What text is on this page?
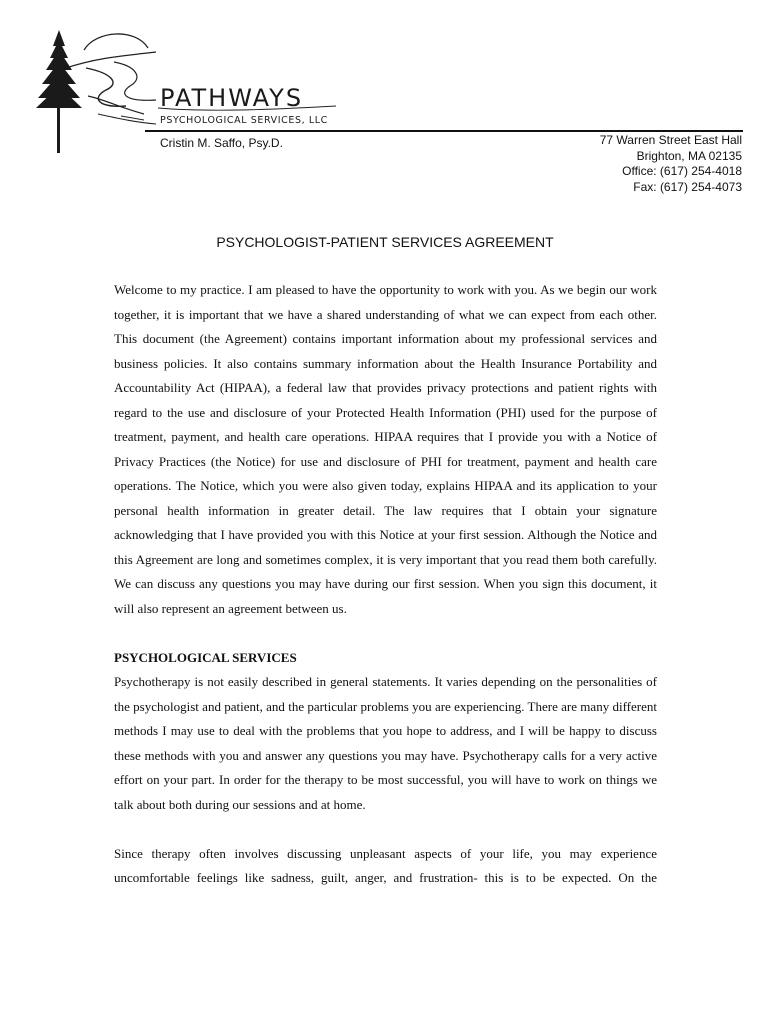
PATHWAYS
PSYCHOLOGICAL SERVICES, LLC
Cristin M. Saffo, Psy.D.	77 Warren Street East Hall
Brighton, MA 02135
Office: (617) 254-4018
Fax: (617) 254-4073
PSYCHOLOGIST-PATIENT SERVICES AGREEMENT

Welcome to my practice. I am pleased to have the opportunity to work with you. As we begin our work together, it is important that we have a shared understanding of what we can expect from each other. This document (the Agreement) contains important information about my professional services and business policies. It also contains summary information about the Health Insurance Portability and Accountability Act (HIPAA), a federal law that provides privacy protections and patient rights with regard to the use and disclosure of your Protected Health Information (PHI) used for the purpose of treatment, payment, and health care operations. HIPAA requires that I provide you with a Notice of Privacy Practices (the Notice) for use and disclosure of PHI for treatment, payment and health care operations. The Notice, which you were also given today, explains HIPAA and its application to your personal health information in greater detail. The law requires that I obtain your signature acknowledging that I have provided you with this Notice at your first session. Although the Notice and this Agreement are long and sometimes complex, it is very important that you read them both carefully. We can discuss any questions you may have during our first session. When you sign this document, it will also represent an agreement between us.

PSYCHOLOGICAL SERVICES

Psychotherapy is not easily described in general statements. It varies depending on the personalities of the psychologist and patient, and the particular problems you are experiencing. There are many different methods I may use to deal with the problems that you hope to address, and I will be happy to discuss these methods with you and answer any questions you may have. Psychotherapy calls for a very active effort on your part. In order for the therapy to be most successful, you will have to work on things we talk about both during our sessions and at home.

Since therapy often involves discussing unpleasant aspects of your life, you may experience uncomfortable feelings like sadness, guilt, anger, and frustration- this is to be expected. On the
